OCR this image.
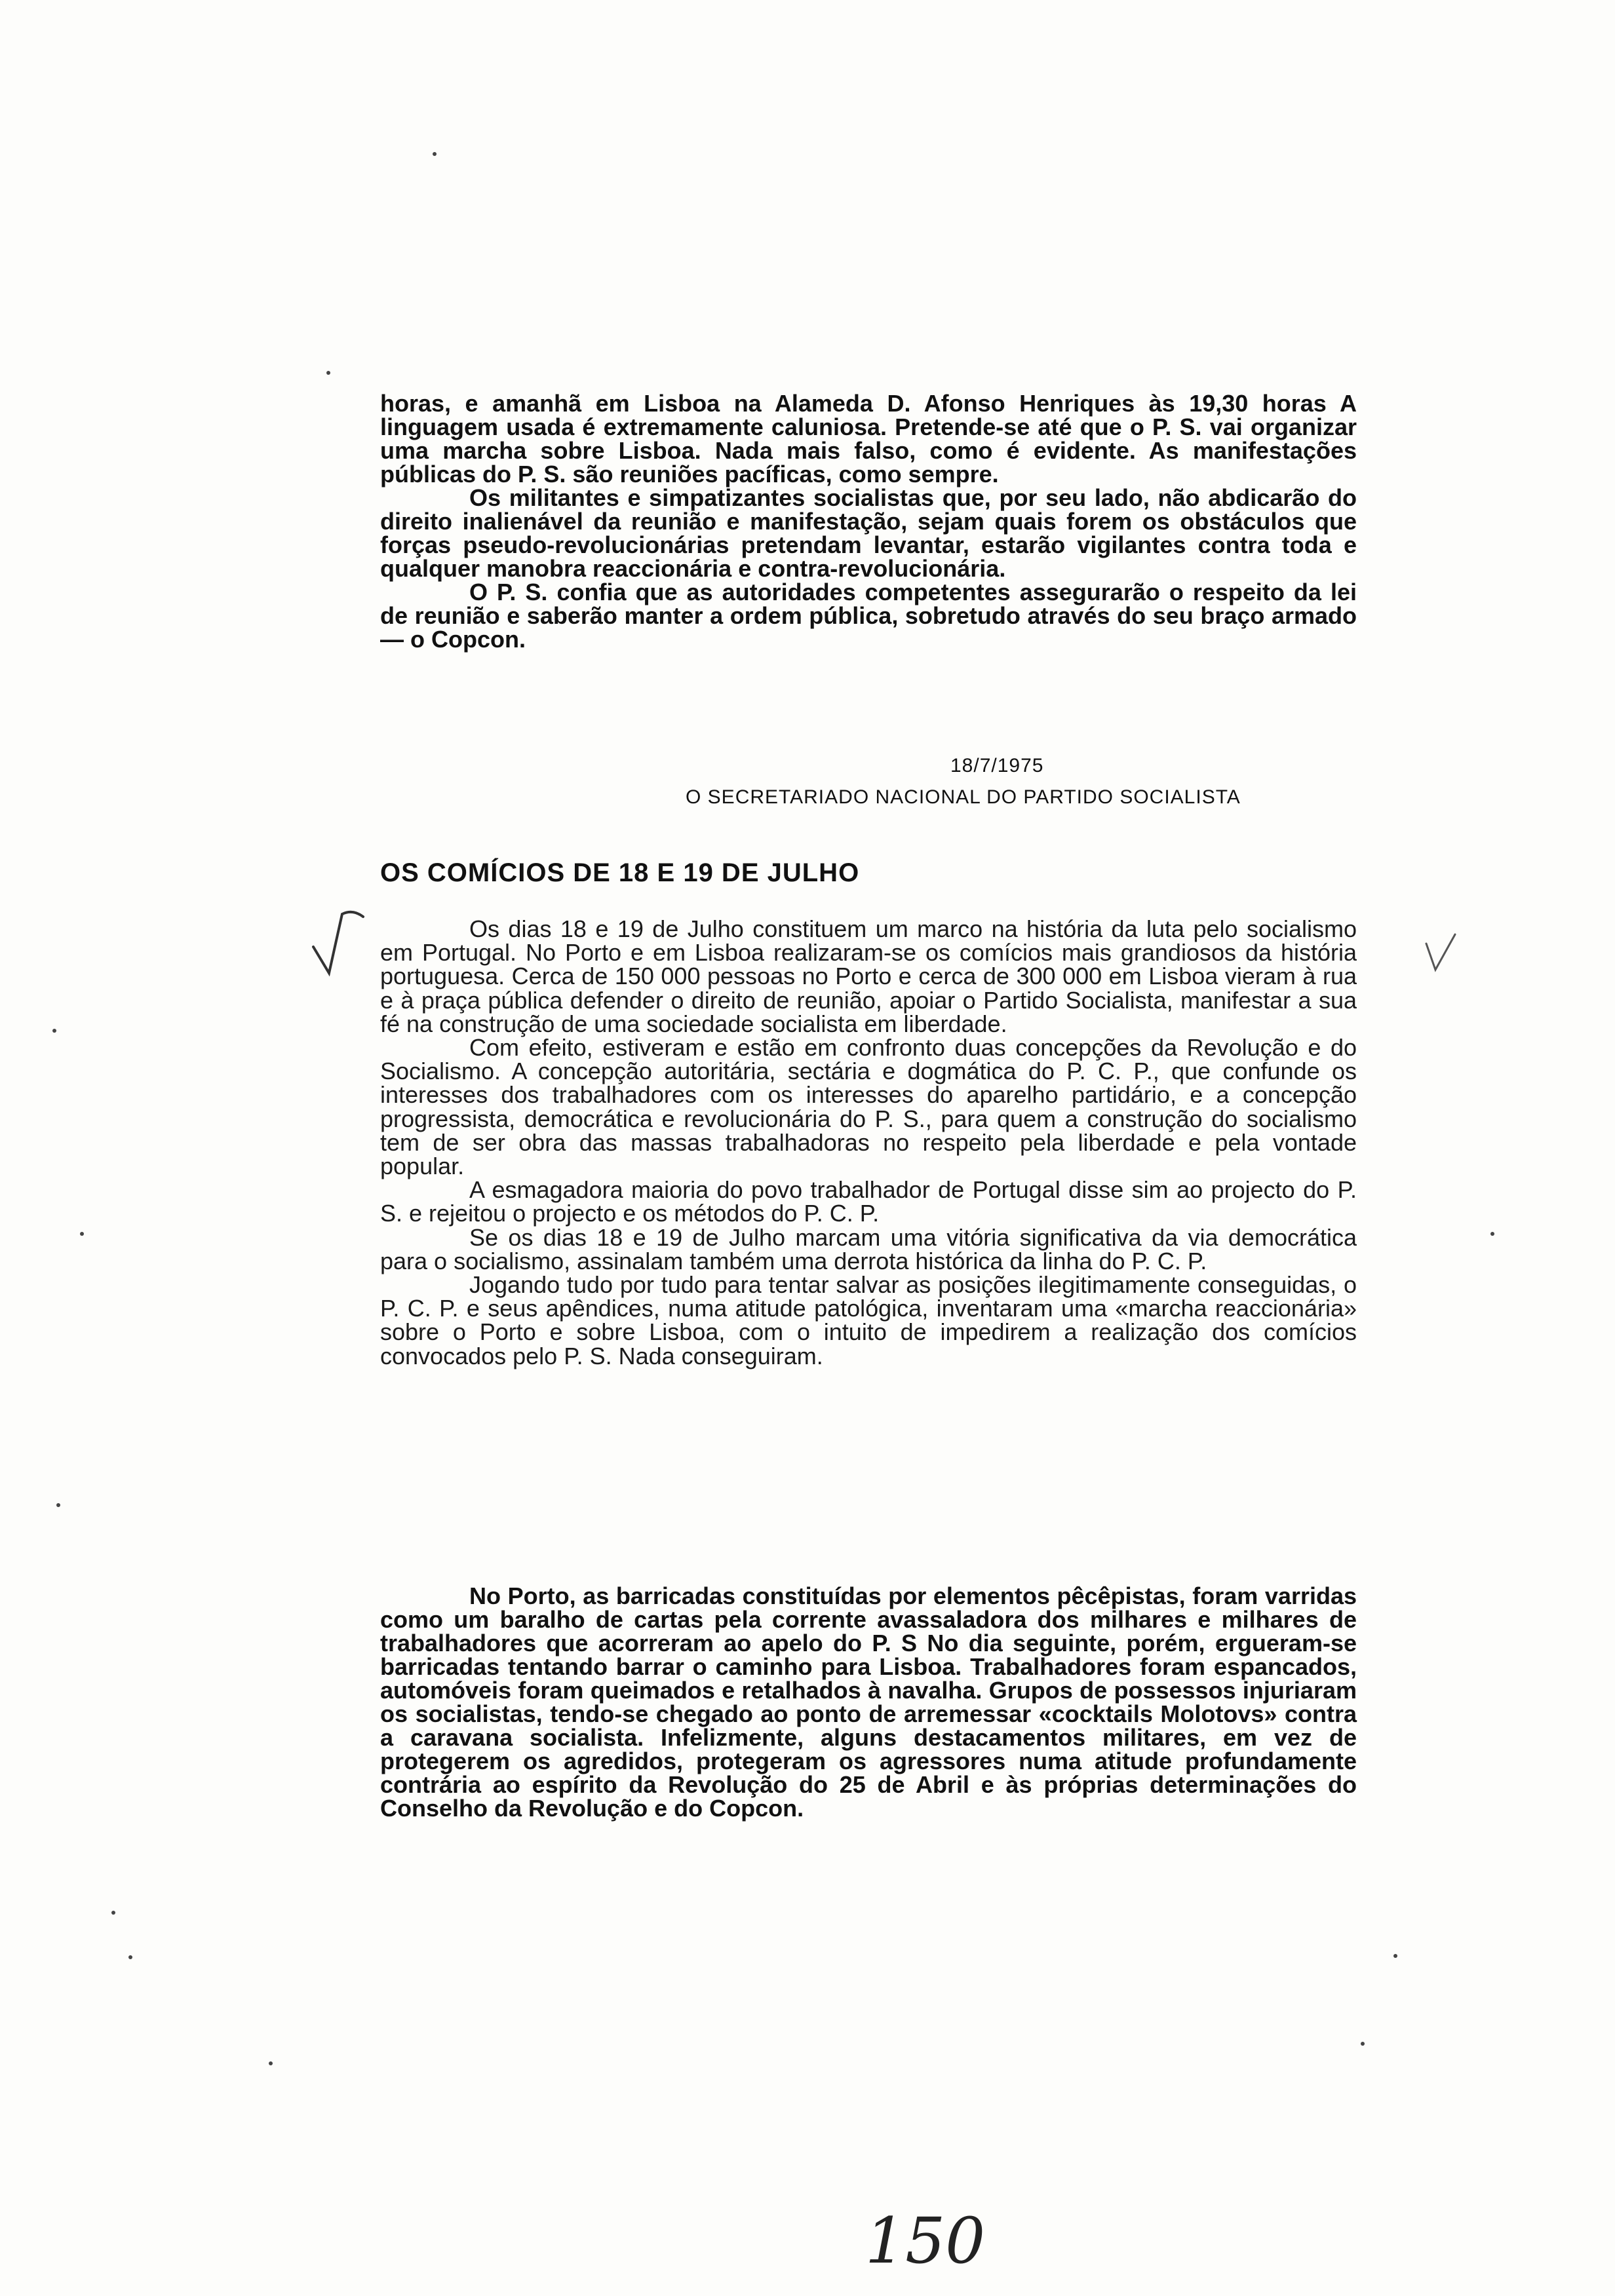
horas, e amanhã em Lisboa na Alameda D. Afonso Henriques às 19,30 horas A linguagem usada é extremamente caluniosa. Pretende-se até que o P. S. vai organizar uma marcha sobre Lisboa. Nada mais falso, como é evidente. As manifestações públicas do P. S. são reuniões pacíficas, como sempre.

Os militantes e simpatizantes socialistas que, por seu lado, não abdicarão do direito inalienável da reunião e manifestação, sejam quais forem os obstáculos que forças pseudo-revolucionárias pretendam levantar, estarão vigilantes contra toda e qualquer manobra reaccionária e contra-revolucionária.

O P. S. confia que as autoridades competentes assegurarão o respeito da lei de reunião e saberão manter a ordem pública, sobretudo através do seu braço armado — o Copcon.

18/7/1975
O SECRETARIADO NACIONAL DO PARTIDO SOCIALISTA
OS COMÍCIOS DE 18 E 19 DE JULHO

Os dias 18 e 19 de Julho constituem um marco na história da luta pelo socialismo em Portugal. No Porto e em Lisboa realizaram-se os comícios mais grandiosos da história portuguesa. Cerca de 150 000 pessoas no Porto e cerca de 300 000 em Lisboa vieram à rua e à praça pública defender o direito de reunião, apoiar o Partido Socialista, manifestar a sua fé na construção de uma sociedade socialista em liberdade.

Com efeito, estiveram e estão em confronto duas concepções da Revolução e do Socialismo. A concepção autoritária, sectária e dogmática do P. C. P., que confunde os interesses dos trabalhadores com os interesses do aparelho partidário, e a concepção progressista, democrática e revolucionária do P. S., para quem a construção do socialismo tem de ser obra das massas trabalhadoras no respeito pela liberdade e pela vontade popular.

A esmagadora maioria do povo trabalhador de Portugal disse sim ao projecto do P. S. e rejeitou o projecto e os métodos do P. C. P.

Se os dias 18 e 19 de Julho marcam uma vitória significativa da via democrática para o socialismo, assinalam também uma derrota histórica da linha do P. C. P.

Jogando tudo por tudo para tentar salvar as posições ilegitimamente conseguidas, o P. C. P. e seus apêndices, numa atitude patológica, inventaram uma «marcha reaccionária» sobre o Porto e sobre Lisboa, com o intuito de impedirem a realização dos comícios convocados pelo P. S. Nada conseguiram.

No Porto, as barricadas constituídas por elementos pêcêpistas, foram varridas como um baralho de cartas pela corrente avassaladora dos milhares e milhares de trabalhadores que acorreram ao apelo do P. S No dia seguinte, porém, ergueram-se barricadas tentando barrar o caminho para Lisboa. Trabalhadores foram espancados, automóveis foram queimados e retalhados à navalha. Grupos de possessos injuriaram os socialistas, tendo-se chegado ao ponto de arremessar «cocktails Molotovs» contra a caravana socialista. Infelizmente, alguns destacamentos militares, em vez de protegerem os agredidos, protegeram os agressores numa atitude profundamente contrária ao espírito da Revolução do 25 de Abril e às próprias determinações do Conselho da Revolução e do Copcon.

150
